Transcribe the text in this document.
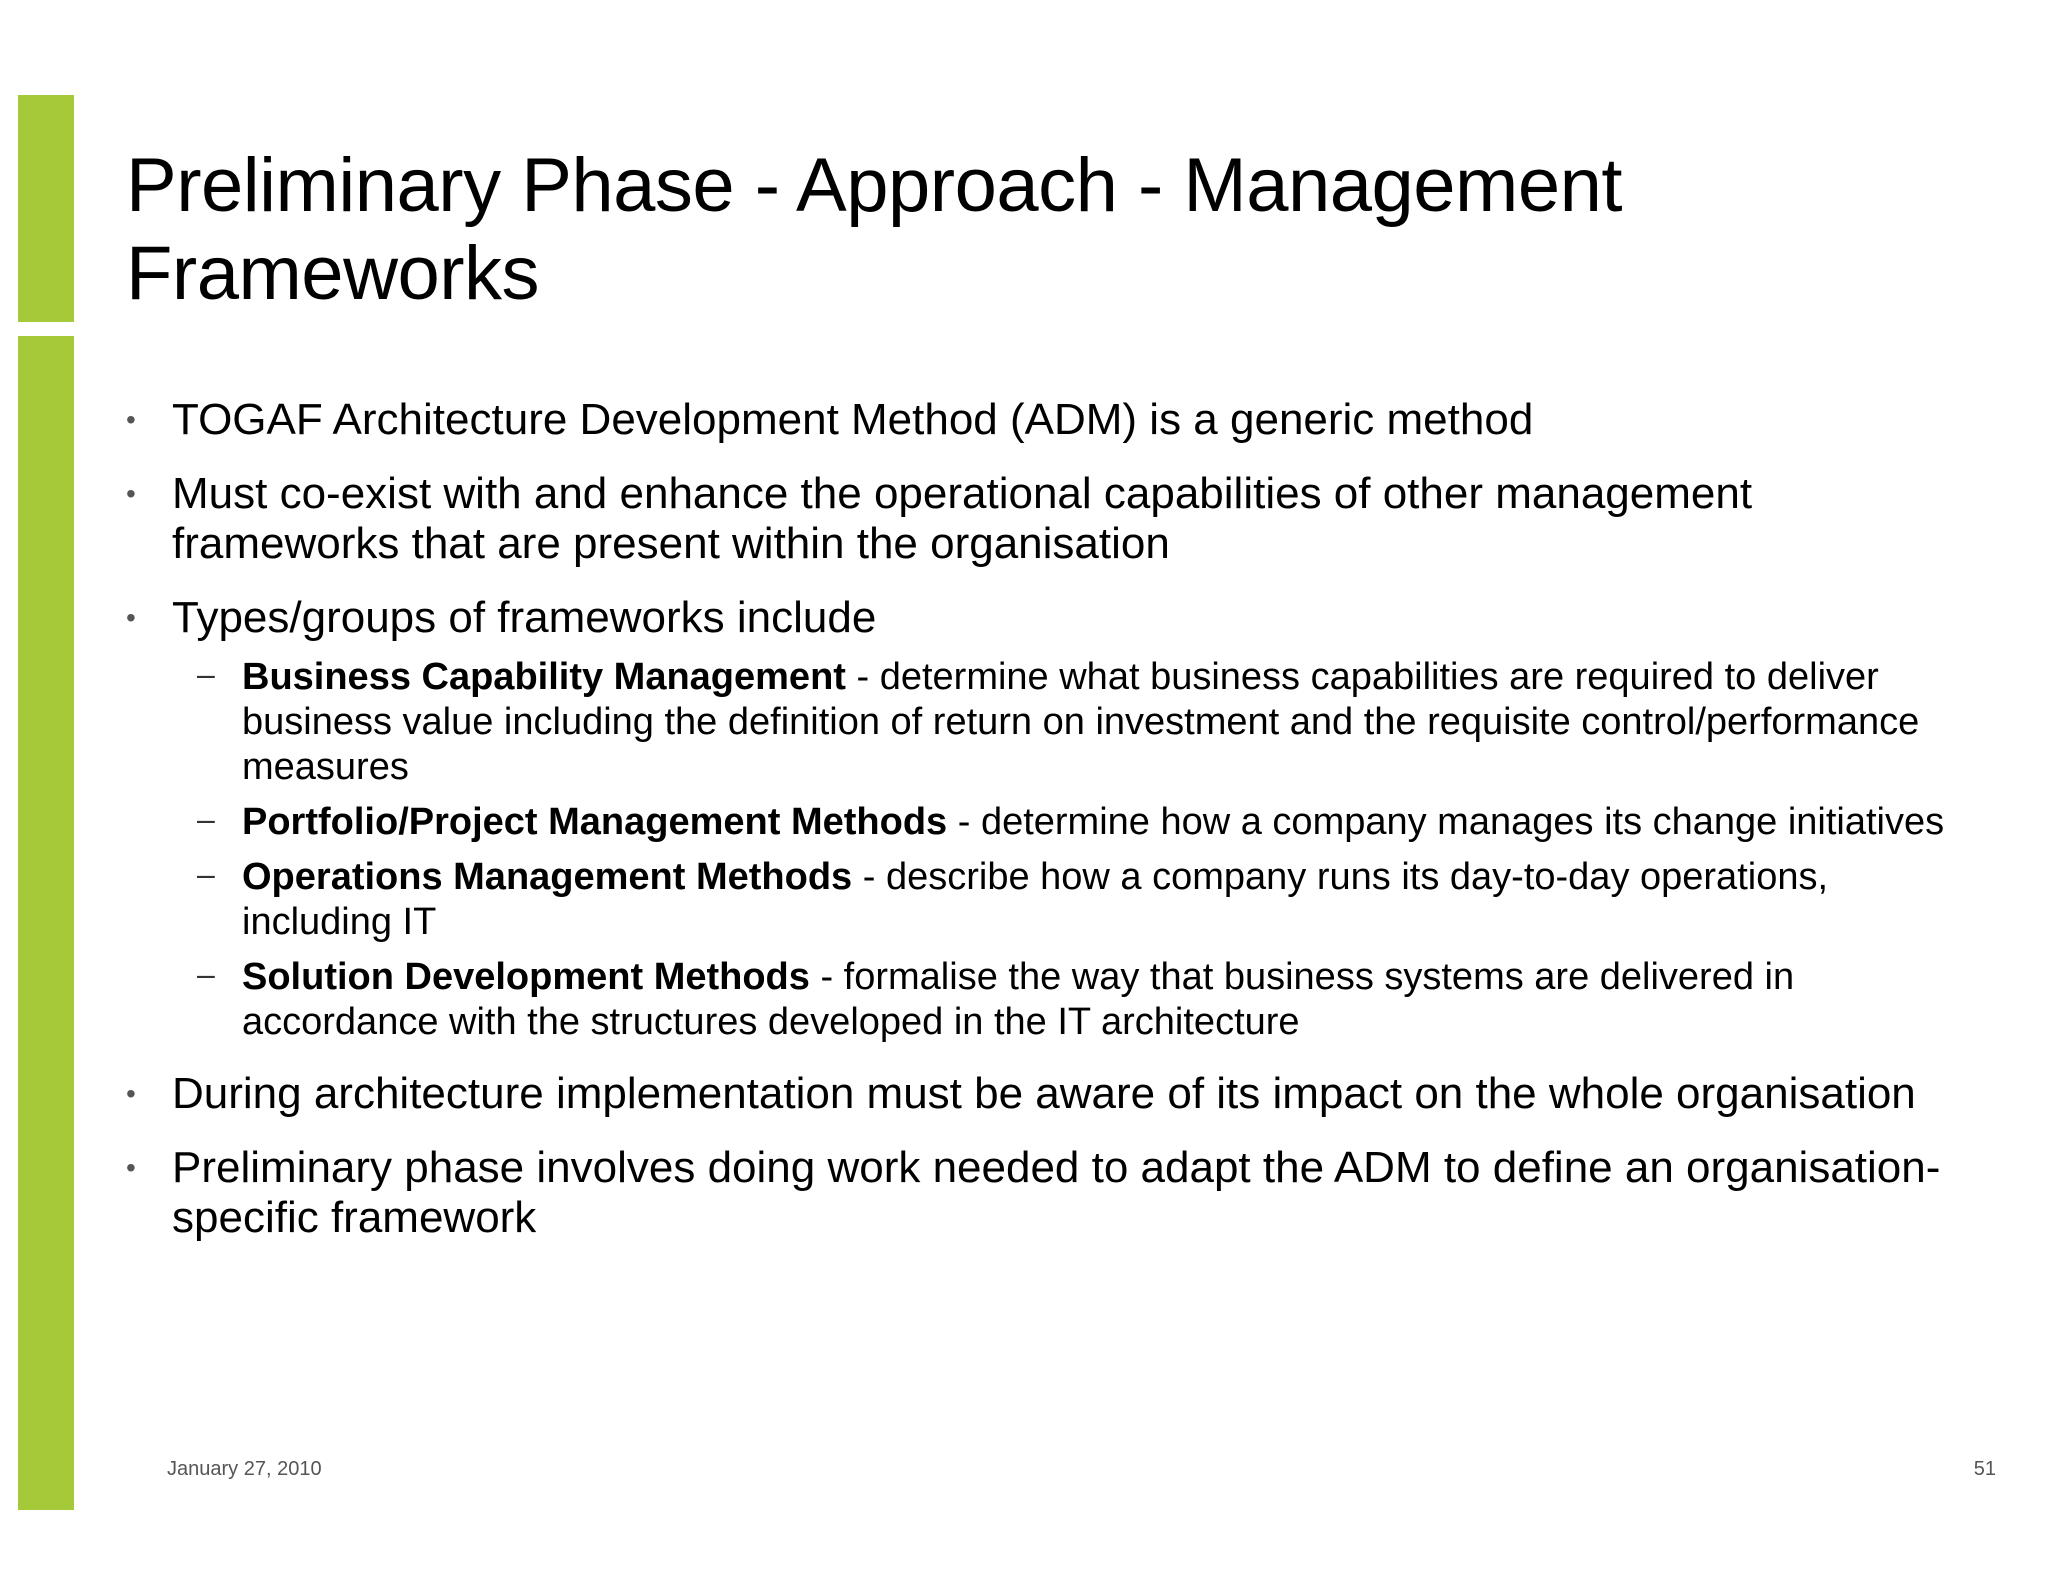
Preliminary Phase - Approach - Management Frameworks
• TOGAF Architecture Development Method (ADM) is a generic method
• Must co-exist with and enhance the operational capabilities of other management frameworks that are present within the organisation
• Types/groups of frameworks include
– Business Capability Management - determine what business capabilities are required to deliver business value including the definition of return on investment and the requisite control/performance measures
– Portfolio/Project Management Methods - determine how a company manages its change initiatives
– Operations Management Methods - describe how a company runs its day-to-day operations, including IT
– Solution Development Methods - formalise the way that business systems are delivered in accordance with the structures developed in the IT architecture
• During architecture implementation must be aware of its impact on the whole organisation
• Preliminary phase involves doing work needed to adapt the ADM to define an organisation-specific framework
January 27, 2010	51
